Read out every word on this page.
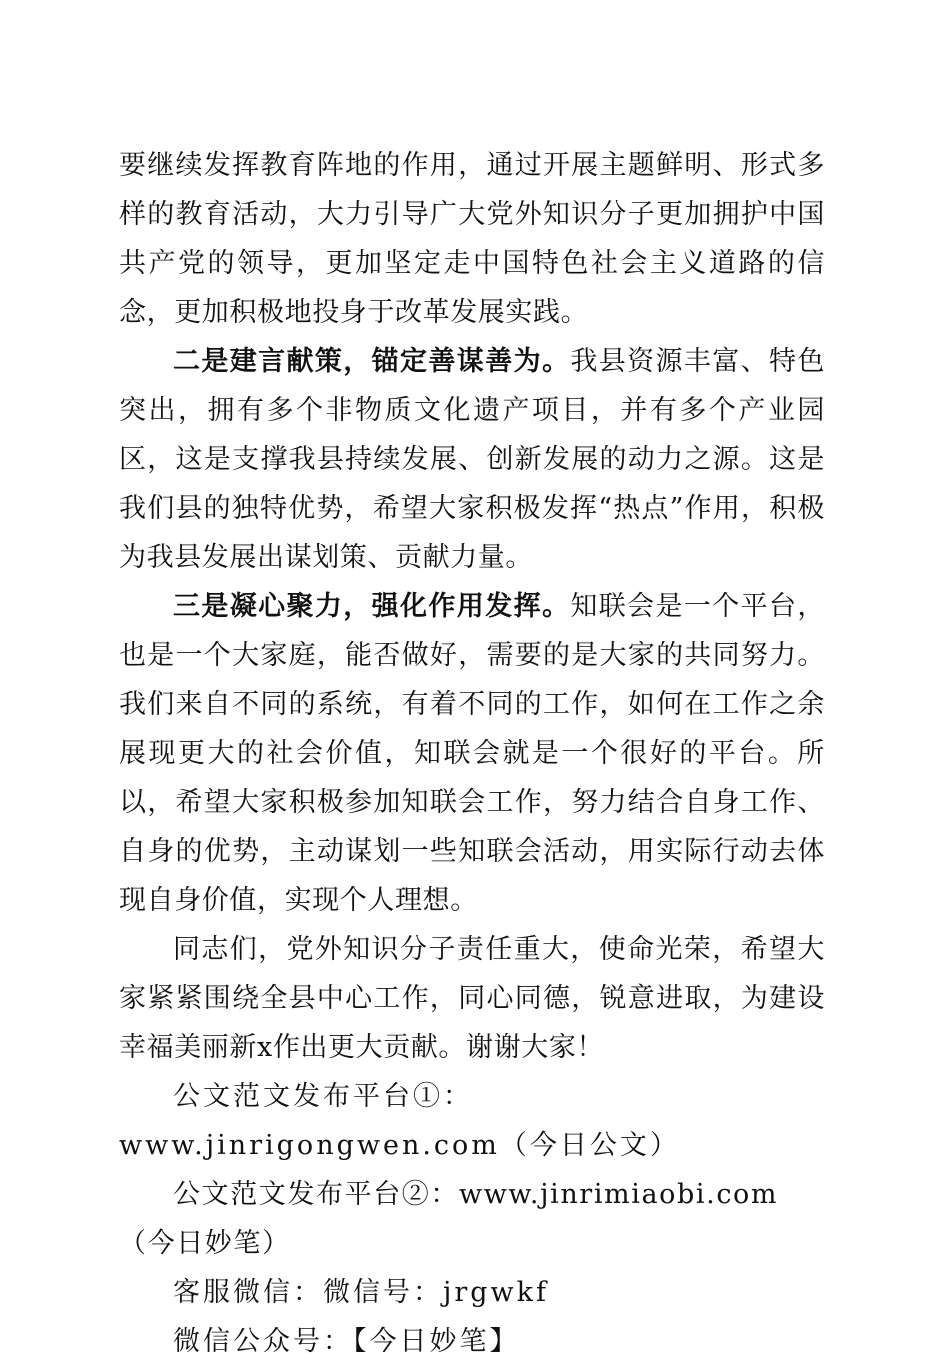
要继续发挥教育阵地的作用，通过开展主题鲜明、形式多样的教育活动，大力引导广大党外知识分子更加拥护中国共产党的领导，更加坚定走中国特色社会主义道路的信念，更加积极地投身于改革发展实践。

二是建言献策，锚定善谋善为。我县资源丰富、特色突出，拥有多个非物质文化遗产项目，并有多个产业园区，这是支撑我县持续发展、创新发展的动力之源。这是我们县的独特优势，希望大家积极发挥“热点”作用，积极为我县发展出谋划策、贡献力量。

三是凝心聚力，强化作用发挥。知联会是一个平台，也是一个大家庭，能否做好，需要的是大家的共同努力。我们来自不同的系统，有着不同的工作，如何在工作之余展现更大的社会价值，知联会就是一个很好的平台。所以，希望大家积极参加知联会工作，努力结合自身工作、自身的优势，主动谋划一些知联会活动，用实际行动去体现自身价值，实现个人理想。

同志们，党外知识分子责任重大，使命光荣，希望大家紧紧围绕全县中心工作，同心同德，锐意进取，为建设幸福美丽新x作出更大贡献。谢谢大家！

公文范文发布平台①：www.jinrigongwen.com（今日公文）

公文范文发布平台②：www.jinrimiaobi.com（今日妙笔）

客服微信：微信号：jrgwkf

微信公众号：【今日妙笔】
